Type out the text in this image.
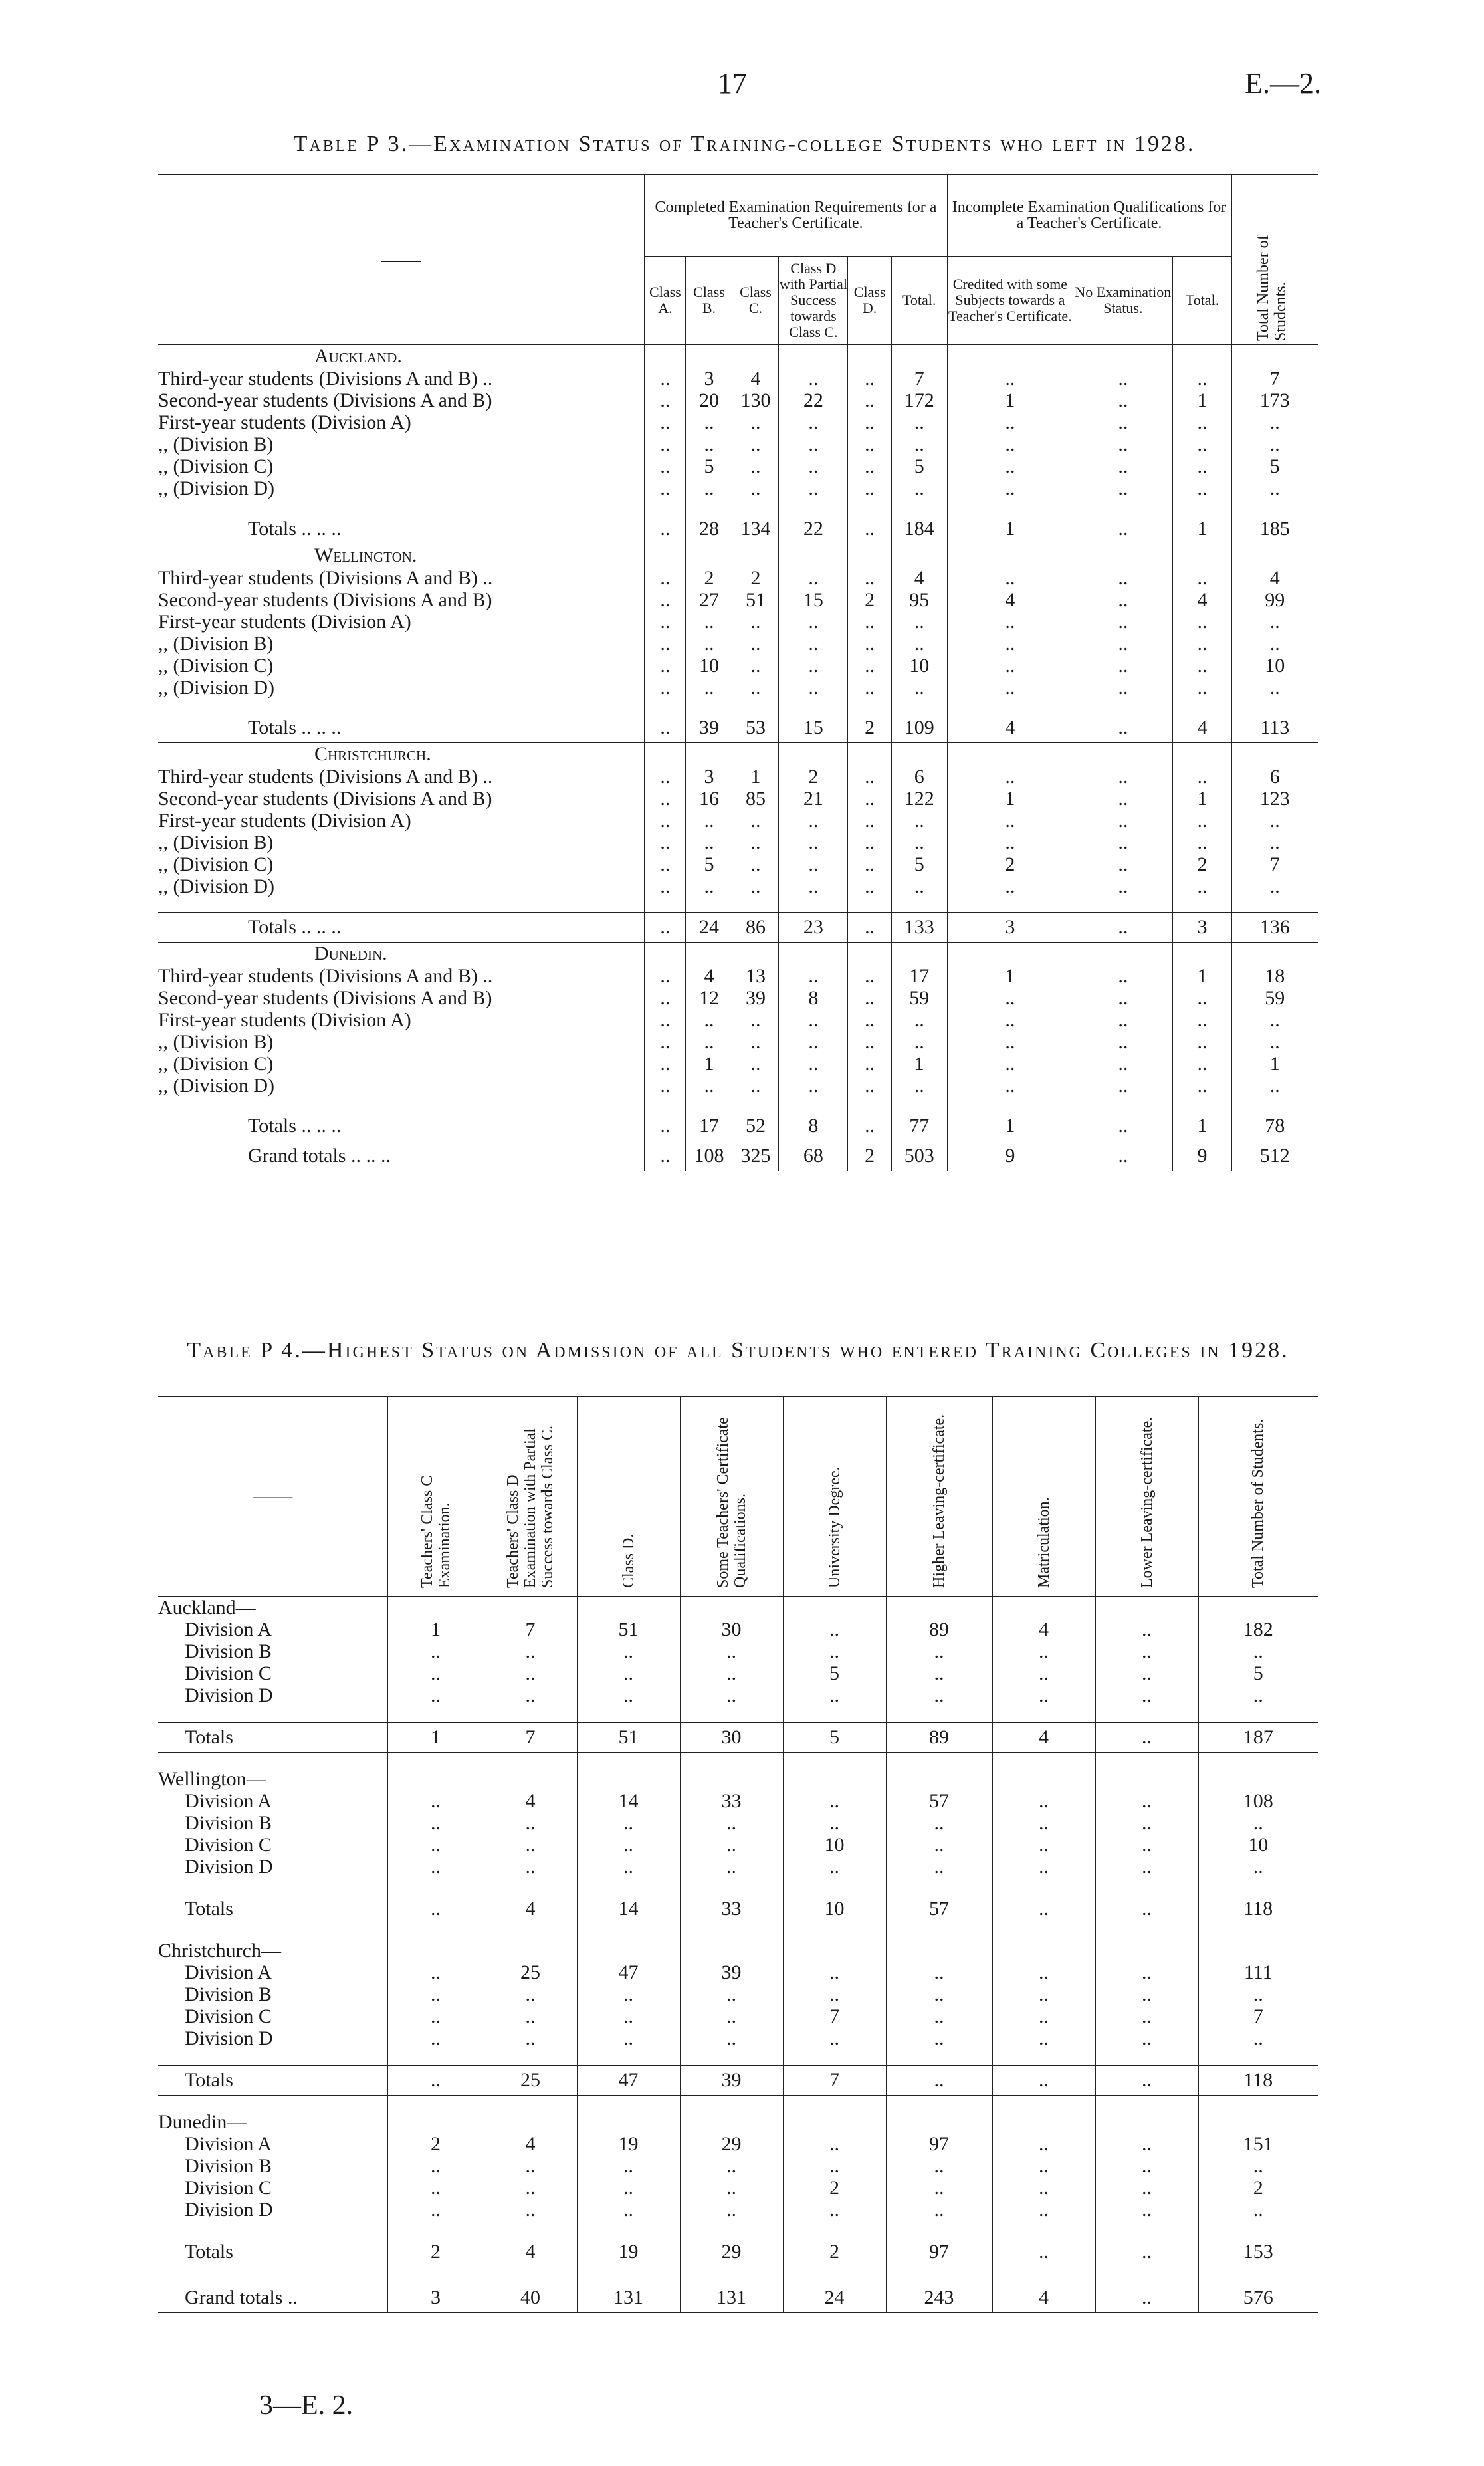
17	E.—2.
Table P 3.—Examination Status of Training-college Students who left in 1928.
——	Completed Examination Requirements for a Teacher's Certificate.						Incomplete Examination Qualifications for a Teacher's Certificate.			Total Number of Students.
	Class A.	Class B.	Class C.	Class D with Partial Success towards Class C.	Class D.	Total.	Credited with some Subjects towards a Teacher's Certificate.	No Examination Status.	Total.	
Auckland.										
Third-year students (Divisions A and B) ..	..	3	4	..	..	7	..	..	..	7
Second-year students (Divisions A and B)	..	20	130	22	..	172	1	..	1	173
First-year students (Division A)	..	..	..	..	..	..	..	..	..	..
,, (Division B)	..	..	..	..	..	..	..	..	..	..
,, (Division C)	..	5	..	..	..	5	..	..	..	5
,, (Division D)	..	..	..	..	..	..	..	..	..	..

Totals .. .. ..	..	28	134	22	..	184	1	..	1	185
Wellington.										
Third-year students (Divisions A and B) ..	..	2	2	..	..	4	..	..	..	4
Second-year students (Divisions A and B)	..	27	51	15	2	95	4	..	4	99
First-year students (Division A)	..	..	..	..	..	..	..	..	..	..
,, (Division B)	..	..	..	..	..	..	..	..	..	..
,, (Division C)	..	10	..	..	..	10	..	..	..	10
,, (Division D)	..	..	..	..	..	..	..	..	..	..

Totals .. .. ..	..	39	53	15	2	109	4	..	4	113
Christchurch.										
Third-year students (Divisions A and B) ..	..	3	1	2	..	6	..	..	..	6
Second-year students (Divisions A and B)	..	16	85	21	..	122	1	..	1	123
First-year students (Division A)	..	..	..	..	..	..	..	..	..	..
,, (Division B)	..	..	..	..	..	..	..	..	..	..
,, (Division C)	..	5	..	..	..	5	2	..	2	7
,, (Division D)	..	..	..	..	..	..	..	..	..	..

Totals .. .. ..	..	24	86	23	..	133	3	..	3	136
Dunedin.										
Third-year students (Divisions A and B) ..	..	4	13	..	..	17	1	..	1	18
Second-year students (Divisions A and B)	..	12	39	8	..	59	..	..	..	59
First-year students (Division A)	..	..	..	..	..	..	..	..	..	..
,, (Division B)	..	..	..	..	..	..	..	..	..	..
,, (Division C)	..	1	..	..	..	1	..	..	..	1
,, (Division D)	..	..	..	..	..	..	..	..	..	..

Totals .. .. ..	..	17	52	8	..	77	1	..	1	78
Grand totals .. .. ..	..	108	325	68	2	503	9	..	9	512
Table P 4.—Highest Status on Admission of all Students who entered Training Colleges in 1928.
——	Teachers' Class C Examination.	Teachers' Class D Examination with Partial Success towards Class C.	Class D.	Some Teachers' Certificate Qualifications.	University Degree.	Higher Leaving-certificate.	Matriculation.	Lower Leaving-certificate.	Total Number of Students.
Auckland—									
Division A	1	7	51	30	..	89	4	..	182
Division B	..	..	..	..	..	..	..	..	..
Division C	..	..	..	..	5	..	..	..	5
Division D	..	..	..	..	..	..	..	..	..

Totals	1	7	51	30	5	89	4	..	187

Wellington—									
Division A	..	4	14	33	..	57	..	..	108
Division B	..	..	..	..	..	..	..	..	..
Division C	..	..	..	..	10	..	..	..	10
Division D	..	..	..	..	..	..	..	..	..

Totals	..	4	14	33	10	57	..	..	118

Christchurch—									
Division A	..	25	47	39	..	..	..	..	111
Division B	..	..	..	..	..	..	..	..	..
Division C	..	..	..	..	7	..	..	..	7
Division D	..	..	..	..	..	..	..	..	..

Totals	..	25	47	39	7	..	..	..	118

Dunedin—									
Division A	2	4	19	29	..	97	..	..	151
Division B	..	..	..	..	..	..	..	..	..
Division C	..	..	..	..	2	..	..	..	2
Division D	..	..	..	..	..	..	..	..	..

Totals	2	4	19	29	2	97	..	..	153

Grand totals ..	3	40	131	131	24	243	4	..	576
3—E. 2.
